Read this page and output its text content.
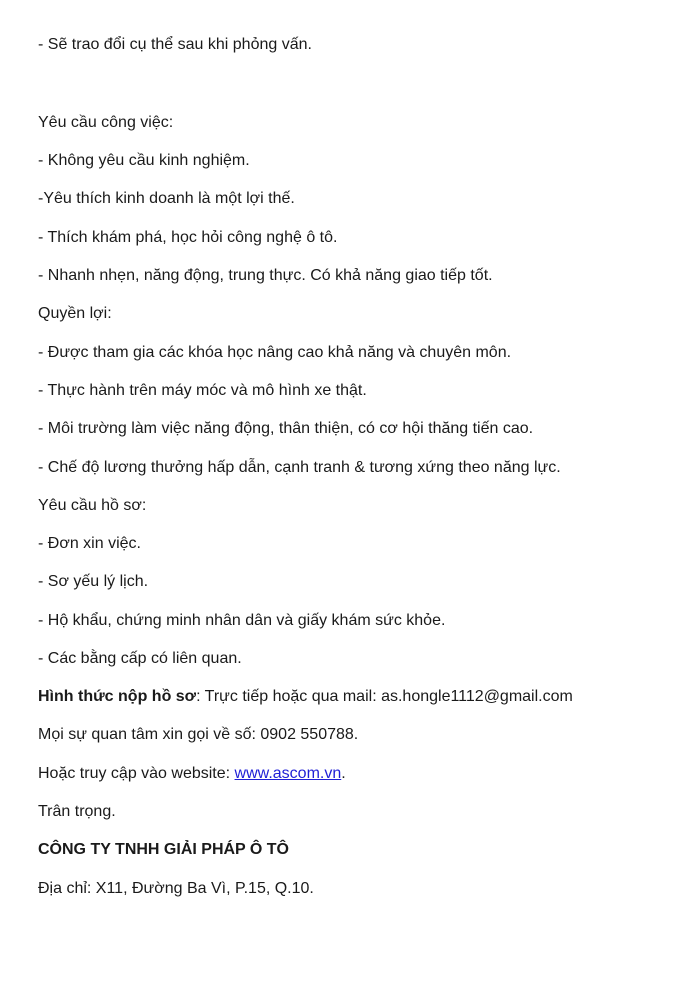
- Sẽ trao đổi cụ thể sau khi phỏng vấn.
Yêu cầu công việc:
- Không yêu cầu kinh nghiệm.
-Yêu thích kinh doanh là một lợi thế.
- Thích khám phá, học hỏi công nghệ ô tô.
- Nhanh nhẹn, năng động, trung thực. Có khả năng giao tiếp tốt.
Quyền lợi:
- Được tham gia các khóa học nâng cao khả năng và chuyên môn.
- Thực hành trên máy móc và mô hình xe thật.
- Môi trường làm việc năng động, thân thiện, có cơ hội thăng tiến cao.
- Chế độ lương thưởng hấp dẫn, cạnh tranh & tương xứng theo năng lực.
Yêu cầu hồ sơ:
- Đơn xin việc.
- Sơ yếu lý lịch.
- Hộ khẩu, chứng minh nhân dân và giấy khám sức khỏe.
- Các bằng cấp có liên quan.
Hình thức nộp hồ sơ: Trực tiếp hoặc qua mail: as.hongle1112@gmail.com
Mọi sự quan tâm xin gọi về số: 0902 550788.
Hoặc truy cập vào website: www.ascom.vn.
Trân trọng.
CÔNG TY TNHH GIẢI PHÁP Ô TÔ
Địa chỉ: X11, Đường Ba Vì, P.15, Q.10.
